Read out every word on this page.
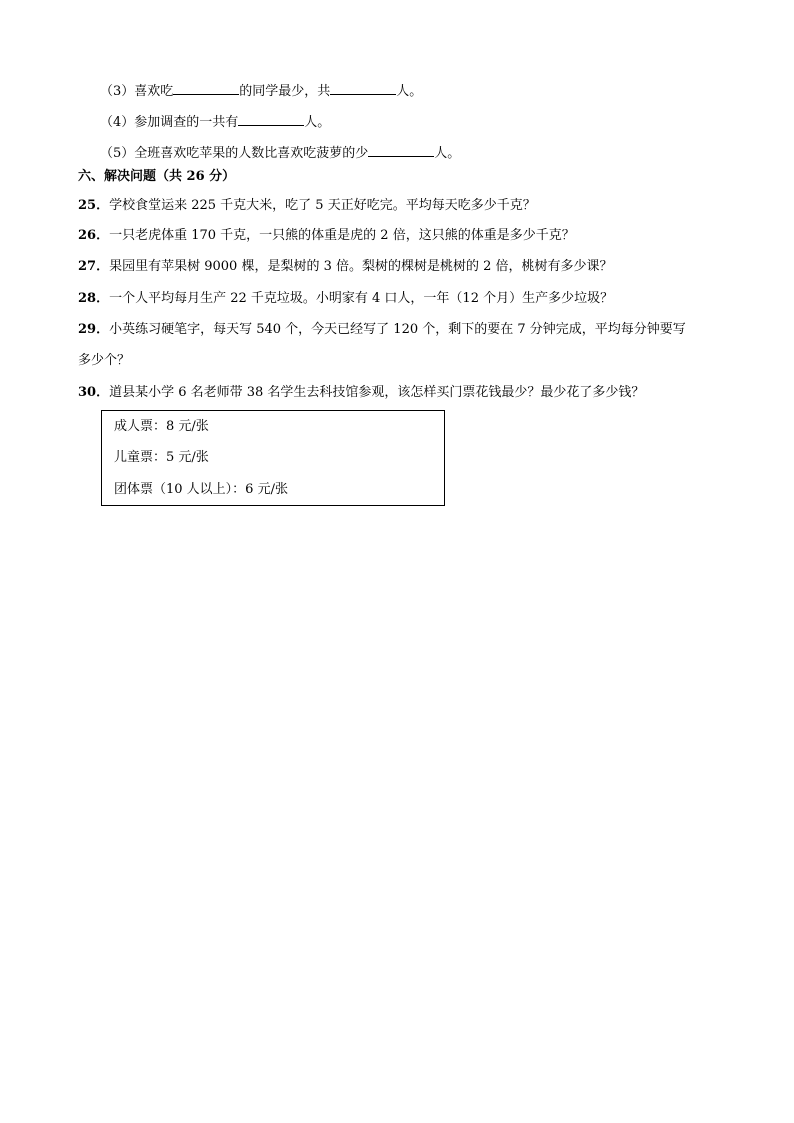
（3）喜欢吃	的同学最少，共	人。
（4）参加调查的一共有	人。
（5）全班喜欢吃苹果的人数比喜欢吃菠萝的少	人。
六、解决问题（共 26 分）
25．学校食堂运来 225 千克大米，吃了 5 天正好吃完。平均每天吃多少千克？
26．一只老虎体重 170 千克，一只熊的体重是虎的 2 倍，这只熊的体重是多少千克？
27．果园里有苹果树 9000 棵，是梨树的 3 倍。梨树的棵树是桃树的 2 倍，桃树有多少课？
28．一个人平均每月生产 22 千克垃圾。小明家有 4 口人，一年（12 个月）生产多少垃圾？
29．小英练习硬笔字，每天写 540 个，今天已经写了 120 个，剩下的要在 7 分钟完成，平均每分钟要写
多少个？
30．道县某小学 6 名老师带 38 名学生去科技馆参观，该怎样买门票花钱最少？最少花了多少钱？
成人票：8 元/张
儿童票：5 元/张
团体票（10 人以上）：6 元/张
